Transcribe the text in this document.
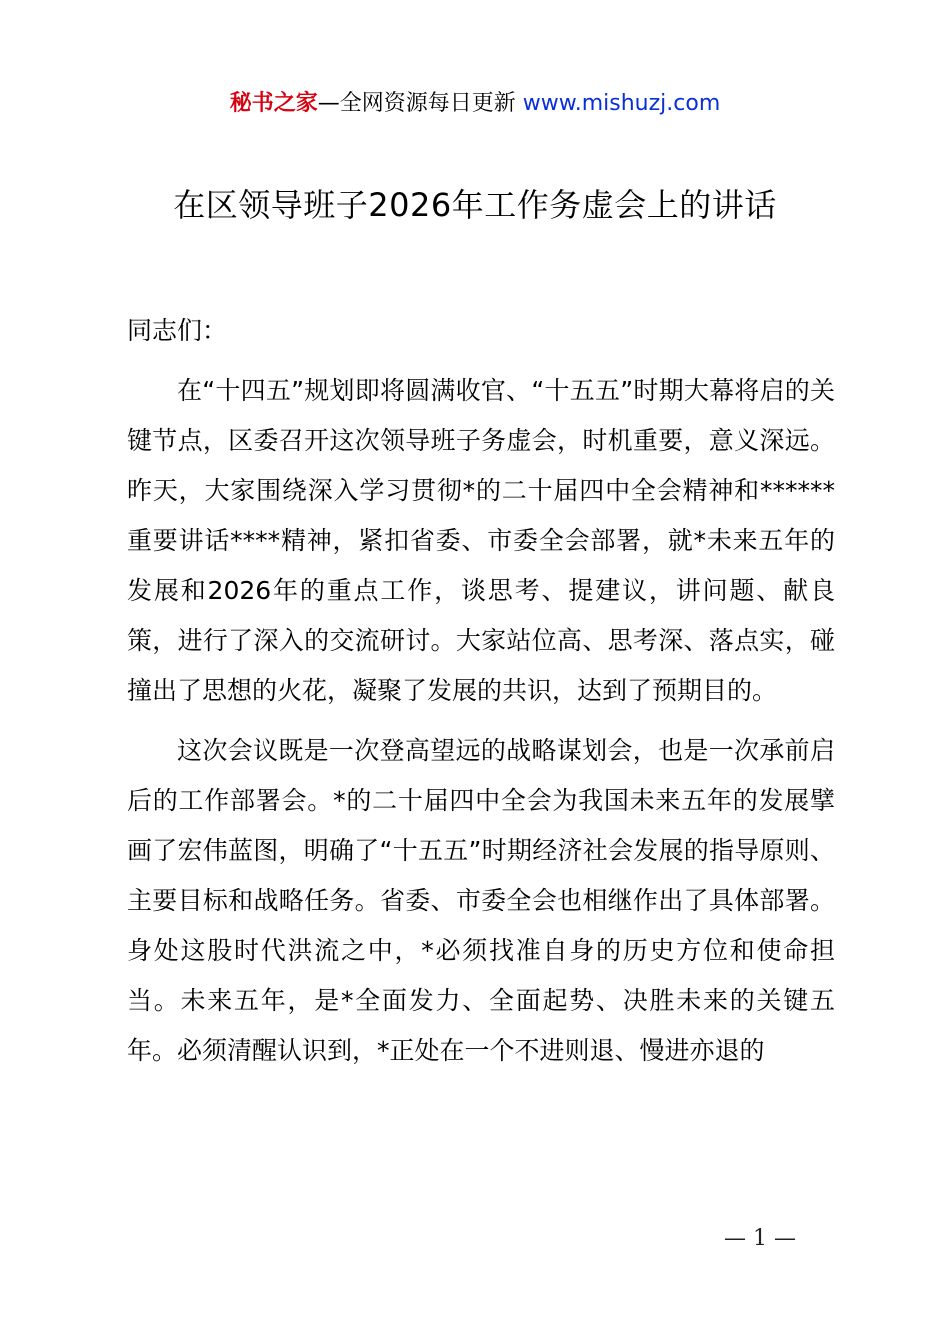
秘书之家—全网资源每日更新 www.mishuzj.com
在区领导班子2026年工作务虚会上的讲话

同志们：

在“十四五”规划即将圆满收官、“十五五”时期大幕将启的关键节点，区委召开这次领导班子务虚会，时机重要，意义深远。昨天，大家围绕深入学习贯彻*的二十届四中全会精神和******重要讲话****精神，紧扣省委、市委全会部署，就*未来五年的发展和2026年的重点工作，谈思考、提建议，讲问题、献良策，进行了深入的交流研讨。大家站位高、思考深、落点实，碰撞出了思想的火花，凝聚了发展的共识，达到了预期目的。

这次会议既是一次登高望远的战略谋划会，也是一次承前启后的工作部署会。*的二十届四中全会为我国未来五年的发展擘画了宏伟蓝图，明确了“十五五”时期经济社会发展的指导原则、主要目标和战略任务。省委、市委全会也相继作出了具体部署。身处这股时代洪流之中，*必须找准自身的历史方位和使命担当。未来五年，是*全面发力、全面起势、决胜未来的关键五年。必须清醒认识到，*正处在一个不进则退、慢进亦退的

— 1 —
